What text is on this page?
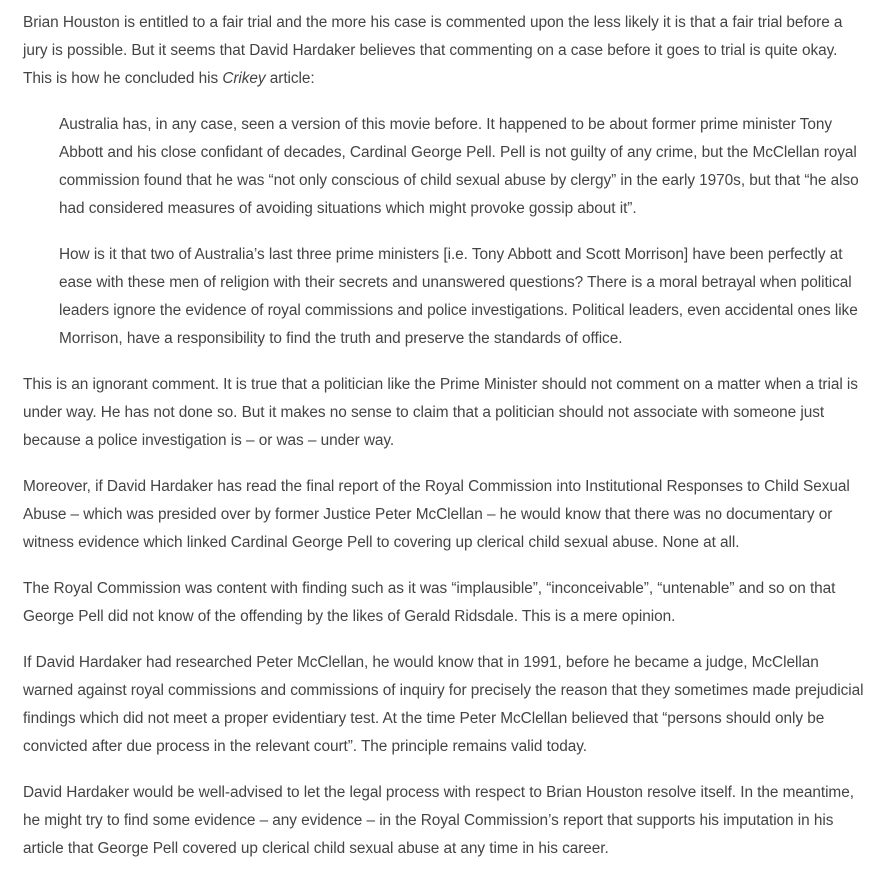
Brian Houston is entitled to a fair trial and the more his case is commented upon the less likely it is that a fair trial before a jury is possible. But it seems that David Hardaker believes that commenting on a case before it goes to trial is quite okay. This is how he concluded his Crikey article:

Australia has, in any case, seen a version of this movie before. It happened to be about former prime minister Tony Abbott and his close confidant of decades, Cardinal George Pell. Pell is not guilty of any crime, but the McClellan royal commission found that he was “not only conscious of child sexual abuse by clergy” in the early 1970s, but that “he also had considered measures of avoiding situations which might provoke gossip about it”.

How is it that two of Australia’s last three prime ministers [i.e. Tony Abbott and Scott Morrison] have been perfectly at ease with these men of religion with their secrets and unanswered questions? There is a moral betrayal when political leaders ignore the evidence of royal commissions and police investigations. Political leaders, even accidental ones like Morrison, have a responsibility to find the truth and preserve the standards of office.

This is an ignorant comment. It is true that a politician like the Prime Minister should not comment on a matter when a trial is under way. He has not done so. But it makes no sense to claim that a politician should not associate with someone just because a police investigation is – or was – under way.

Moreover, if David Hardaker has read the final report of the Royal Commission into Institutional Responses to Child Sexual Abuse – which was presided over by former Justice Peter McClellan – he would know that there was no documentary or witness evidence which linked Cardinal George Pell to covering up clerical child sexual abuse. None at all.

The Royal Commission was content with finding such as it was “implausible”, “inconceivable”, “untenable” and so on that George Pell did not know of the offending by the likes of Gerald Ridsdale. This is a mere opinion.

If David Hardaker had researched Peter McClellan, he would know that in 1991, before he became a judge, McClellan warned against royal commissions and commissions of inquiry for precisely the reason that they sometimes made prejudicial findings which did not meet a proper evidentiary test. At the time Peter McClellan believed that “persons should only be convicted after due process in the relevant court”. The principle remains valid today.

David Hardaker would be well-advised to let the legal process with respect to Brian Houston resolve itself. In the meantime, he might try to find some evidence – any evidence – in the Royal Commission’s report that supports his imputation in his article that George Pell covered up clerical child sexual abuse at any time in his career.
